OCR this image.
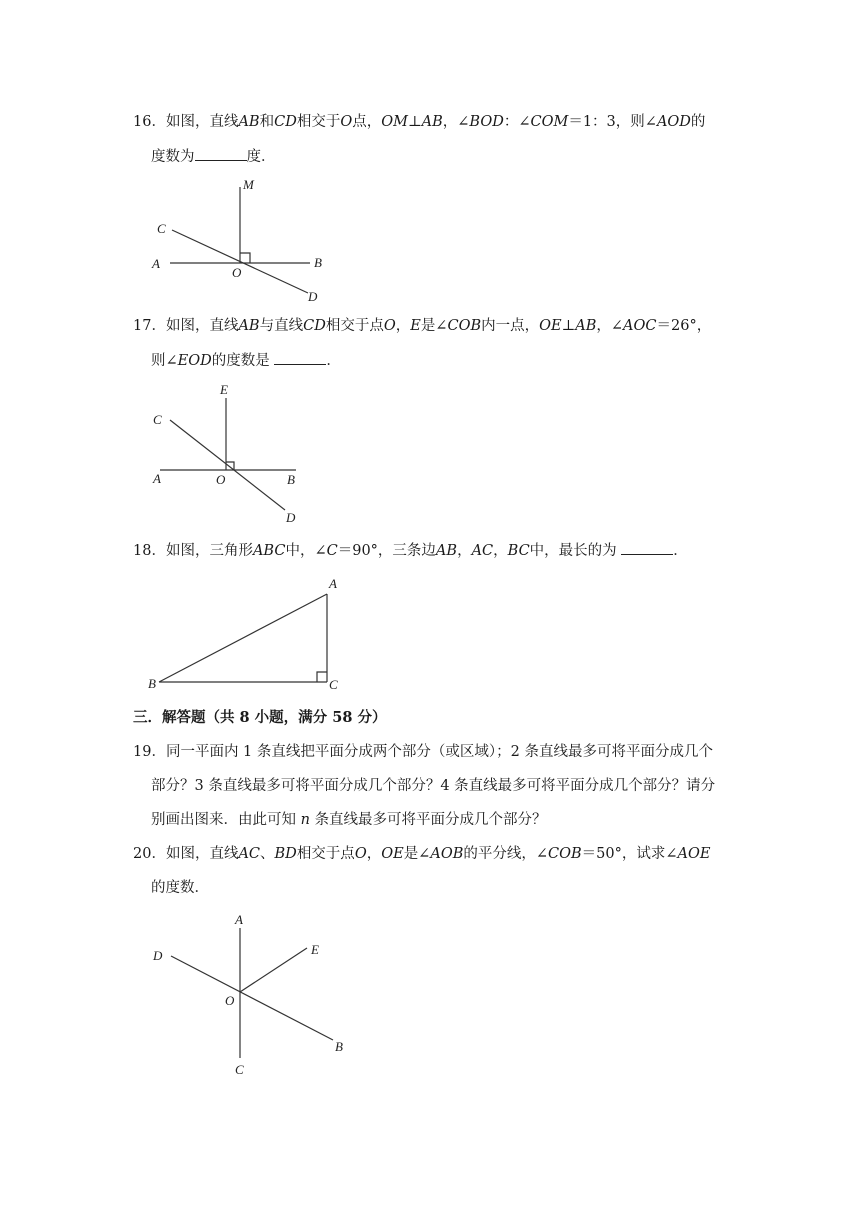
16．如图，直线AB和CD相交于O点，OM⊥AB，∠BOD：∠COM＝1：3，则∠AOD的
度数为	度．
M
C
A
O
B
D
17．如图，直线AB与直线CD相交于点O，E是∠COB内一点，OE⊥AB，∠AOC＝26°，
则∠EOD的度数是	．
E
C
A	O	B
D
18．如图，三角形ABC中，∠C＝90°，三条边AB，AC，BC中，最长的为	．
A
B	C
三．解答题（共 8 小题，满分 58 分）
19．同一平面内 1 条直线把平面分成两个部分（或区域）；2 条直线最多可将平面分成几个
部分？3 条直线最多可将平面分成几个部分？4 条直线最多可将平面分成几个部分？请分
别画出图来．由此可知 n 条直线最多可将平面分成几个部分？
20．如图，直线AC、BD相交于点O，OE是∠AOB的平分线，∠COB＝50°，试求∠AOE
的度数．
A
D	E
O
B
C
